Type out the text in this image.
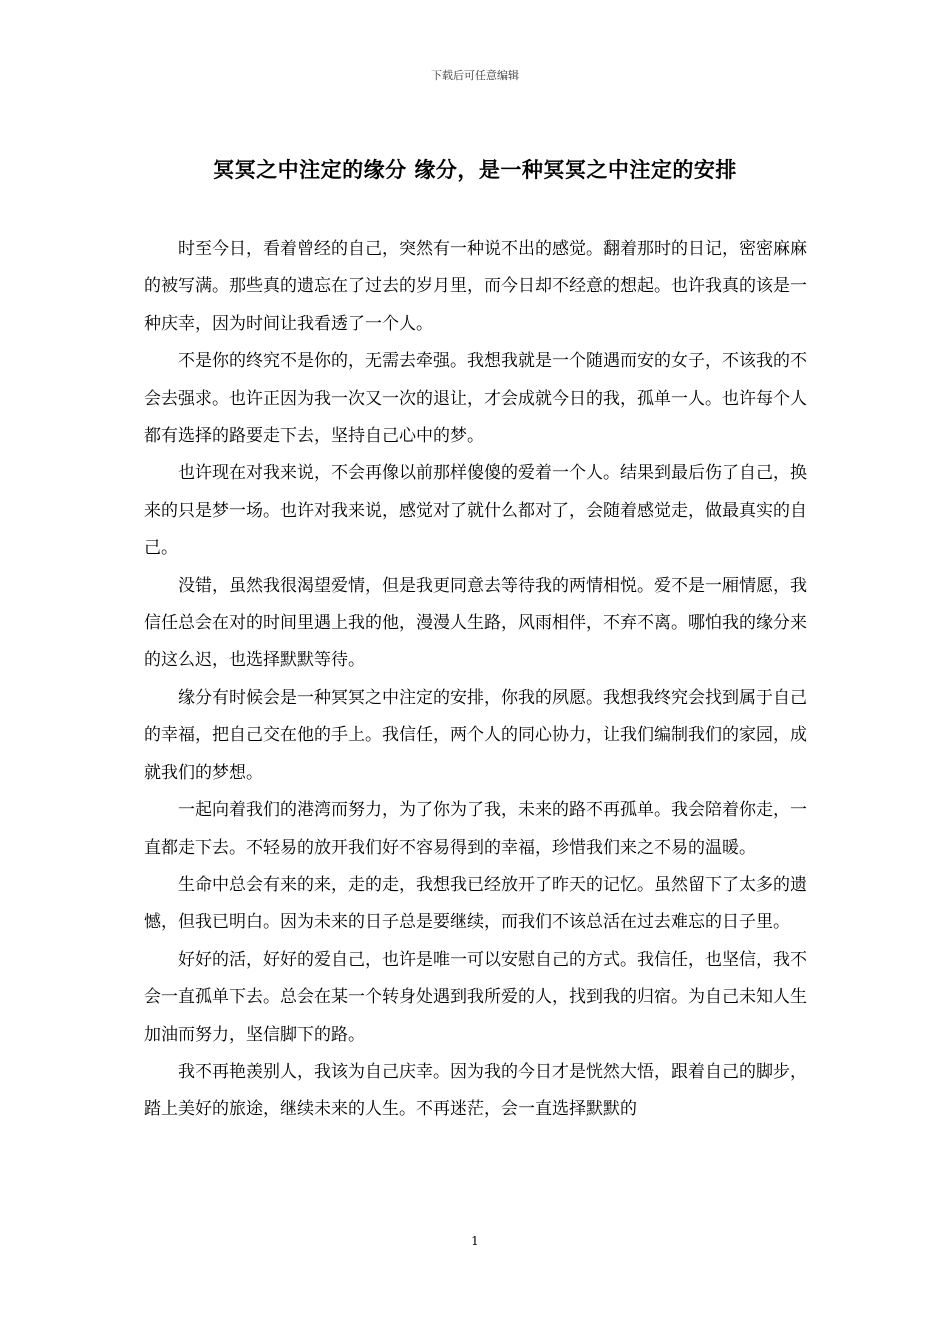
下载后可任意编辑
冥冥之中注定的缘分 缘分，是一种冥冥之中注定的安排

时至今日，看着曾经的自己，突然有一种说不出的感觉。翻着那时的日记，密密麻麻的被写满。那些真的遗忘在了过去的岁月里，而今日却不经意的想起。也许我真的该是一种庆幸，因为时间让我看透了一个人。

不是你的终究不是你的，无需去牵强。我想我就是一个随遇而安的女子，不该我的不会去强求。也许正因为我一次又一次的退让，才会成就今日的我，孤单一人。也许每个人都有选择的路要走下去，坚持自己心中的梦。

也许现在对我来说，不会再像以前那样傻傻的爱着一个人。结果到最后伤了自己，换来的只是梦一场。也许对我来说，感觉对了就什么都对了，会随着感觉走，做最真实的自己。

没错，虽然我很渴望爱情，但是我更同意去等待我的两情相悦。爱不是一厢情愿，我信任总会在对的时间里遇上我的他，漫漫人生路，风雨相伴，不弃不离。哪怕我的缘分来的这么迟，也选择默默等待。

缘分有时候会是一种冥冥之中注定的安排，你我的夙愿。我想我终究会找到属于自己的幸福，把自己交在他的手上。我信任，两个人的同心协力，让我们编制我们的家园，成就我们的梦想。

一起向着我们的港湾而努力，为了你为了我，未来的路不再孤单。我会陪着你走，一直都走下去。不轻易的放开我们好不容易得到的幸福，珍惜我们来之不易的温暖。

生命中总会有来的来，走的走，我想我已经放开了昨天的记忆。虽然留下了太多的遗憾，但我已明白。因为未来的日子总是要继续，而我们不该总活在过去难忘的日子里。

好好的活，好好的爱自己，也许是唯一可以安慰自己的方式。我信任，也坚信，我不会一直孤单下去。总会在某一个转身处遇到我所爱的人，找到我的归宿。为自己未知人生加油而努力，坚信脚下的路。

我不再艳羡别人，我该为自己庆幸。因为我的今日才是恍然大悟，跟着自己的脚步，踏上美好的旅途，继续未来的人生。不再迷茫，会一直选择默默的

1
